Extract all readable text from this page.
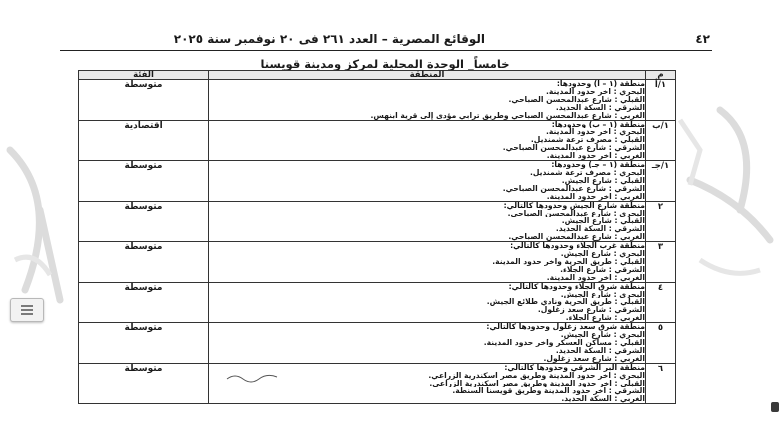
٤٢
الوقائع المصرية – العدد ٢٦١ فى ٢٠ نوفمبر سنة ٢٠٢٥
خامساً_ الوحدة المحلية لمركز ومدينة قويسنا
م	المنطقة	الفئة
١/أ	منطقة (١ – أ) وحدودها:
البحري : آخر حدود المدينة.
القبلي : شارع عبدالمحسن الصباحي.
الشرقي : السكة الحديد.
الغربي : شارع عبدالمحسن الصباحي وطريق ترابي مؤدى إلى قرية أبنهس.	متوسطة
١/ب	منطقة (١ – ب) وحدودها:
البحري : آخر حدود المدينة.
القبلي : مصرف ترعة شمنديل.
الشرقي : شارع عبدالمحسن الصباحي.
الغربي : آخر حدود المدينة.	اقتصادية
١/جـ	منطقة (١ – جـ) وحدودها:
البحري : مصرف ترعة شمنديل.
القبلي : شارع الجيش.
الشرقي : شارع عبدالمحسن الصباحي.
الغربي : آخر حدود المدينة.	متوسطة
٢	منطقة شارع الجيش وحدودها كالتالي:
البحري : شارع عبدالمحسن الصباحي.
القبلي : شارع الجيش.
الشرقي : السكة الحديد.
الغربي : شارع عبدالمحسن الصباحي.	متوسطة
٣	منطقة غرب الجلاء وحدودها كالتالي:
البحري : شارع الجيش.
القبلي : طريق الحرية وآخر حدود المدينة.
الشرقي : شارع الجلاء.
الغربي : آخر حدود المدينة.	متوسطة
٤	منطقة شرق الجلاء وحدودها كالتالي:
البحري : شارع الجيش.
القبلي : طريق الحرية ونادي طلائع الجيش.
الشرقي : شارع سعد زغلول.
الغربي : شارع الجلاء.	متوسطة
٥	منطقة شرق سعد زغلول وحدودها كالتالي:
البحري : شارع الجيش.
القبلي : مساكن العسكر وآخر حدود المدينة.
الشرقي : السكة الحديد.
الغربي : شارع سعد زغلول.	متوسطة
٦	منطقة البر الشرقي وحدودها كالتالي:
البحري : آخر حدود المدينة وطريق مصر اسكندرية الزراعي.
القبلي : آخر حدود المدينة وطريق مصر اسكندرية الزراعي.
الشرقي : آخر حدود المدينة وطريق قويسنا السنطة.
الغربي : السكة الحديد.	متوسطة
